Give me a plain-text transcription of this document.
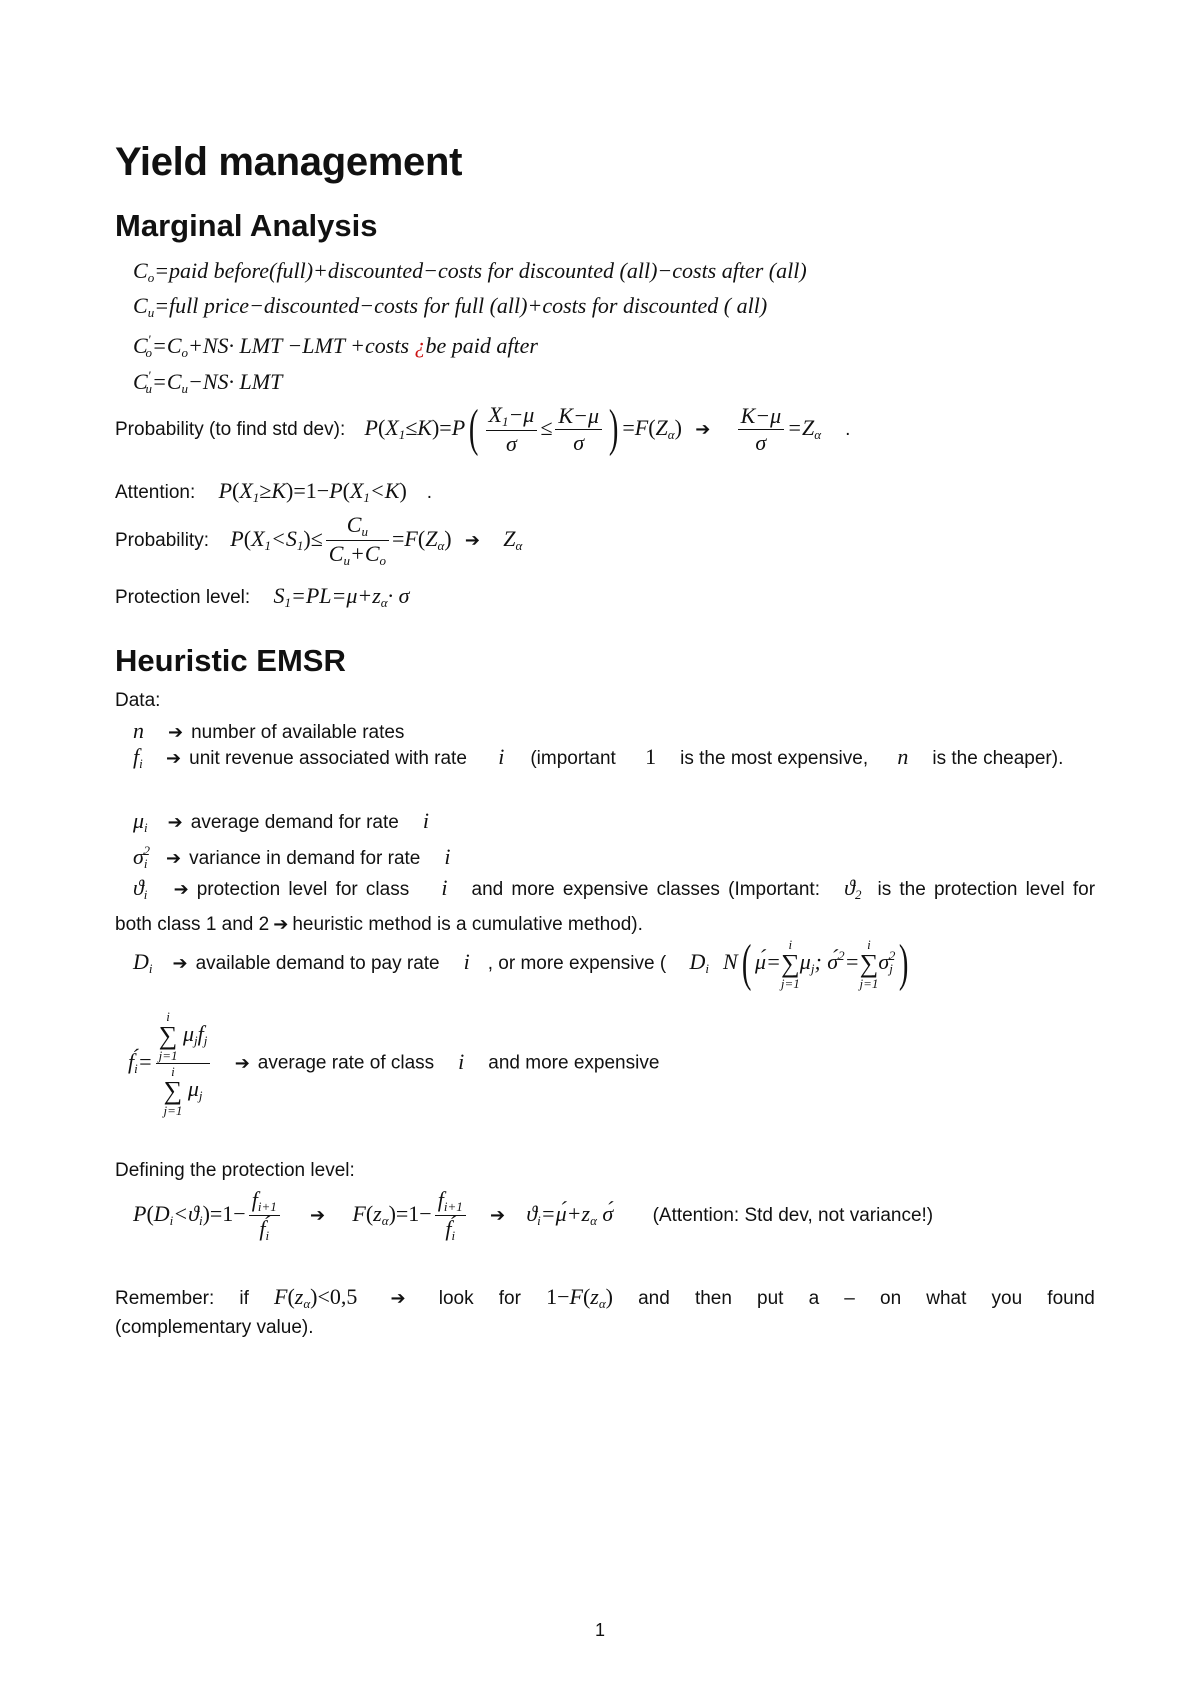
Yield management
Marginal Analysis
$C_o=paid$ before(full)+discounted−costs for discounted (all)−costs after (all)
$C_u=full$ price−discounted−costs for full (all)+costs for discounted ( all)
$C'_o=C_o+NS\cdot$ LMT −LMT +costs ¿be paid after
$C'_u=C_u-NS\cdot$ LMT
Probability (to find std dev): $P(X_1\le K)=P( \frac{X_1-\mu}{\sigma} \le \frac{K-\mu}{\sigma}$ ) $=F(Z_\alpha)$ ➔ $\frac{K-\mu}{\sigma} =Z_\alpha$ .
Attention: $P(X_1\ge K)=1-P(X_1<K)$ .
Probability: $P(X_1<S_1)\le \frac{C_u}{C_u+C_o} =F(Z_\alpha)$ ➔ $Z_\alpha$
Protection level: $S_1=PL=\mu+z_\alpha\cdot \sigma$
Heuristic EMSR
Data:
n ➔ number of available rates
$f_i$ ➔ unit revenue associated with rate i (important 1 is the most expensive, n is the cheaper).
$\mu_i$ ➔ average demand for rate i
$\sigma_i^2$ ➔ variance in demand for rate i
$ϑ_i$ ➔ protection level for class i and more expensive classes (Important: $ϑ_2$ is the protection level for both class 1 and 2 ➔ heuristic method is a cumulative method).
$D_i$ ➔ available demand to pay rate i , or more expensive ( $D_i$ N( μ́=
i
∑
j=1
$\mu_j$; σ́$^2$=
i
∑
j=1
$\sigma_j^2$)
$f́_i= i$
∑
j=1
$\mu_jf_j$
i
∑
j=1
$\mu_j$ ➔ average rate of class i and more expensive
Defining the protection level:
$P(D_i<ϑ_i)=1- \frac{f_{i+1}}{f́_i}$ ➔ $F(z_\alpha)=1- \frac{f_{i+1}}{f́_i}$ ➔ $ϑ_i=\mú+z_\alpha$ σ́ (Attention: Std dev, not variance!)
Remember: if $F(z_\alpha)<0,5$ ➔ look for $1-F(z_\alpha)$ and then put a – on what you found
(complementary value).
1
